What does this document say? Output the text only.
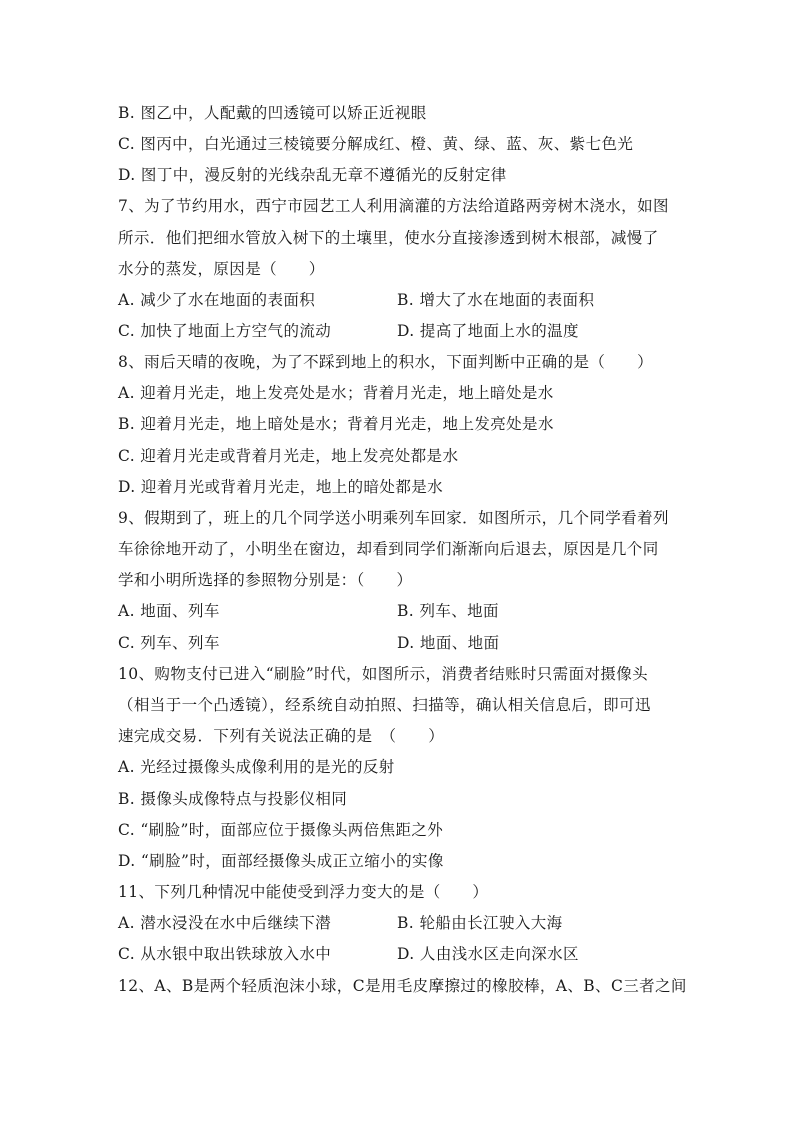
B. 图乙中，人配戴的凹透镜可以矫正近视眼
C. 图丙中，白光通过三棱镜要分解成红、橙、黄、绿、蓝、灰、紫七色光
D. 图丁中，漫反射的光线杂乱无章不遵循光的反射定律
7、为了节约用水，西宁市园艺工人利用滴灌的方法给道路两旁树木浇水，如图
所示．他们把细水管放入树下的土壤里，使水分直接渗透到树木根部，减慢了
水分的蒸发，原因是（　　）
A. 减少了水在地面的表面积	B. 增大了水在地面的表面积
C. 加快了地面上方空气的流动	D. 提高了地面上水的温度
8、雨后天晴的夜晚，为了不踩到地上的积水，下面判断中正确的是（　　）
A. 迎着月光走，地上发亮处是水；背着月光走，地上暗处是水
B. 迎着月光走，地上暗处是水；背着月光走，地上发亮处是水
C. 迎着月光走或背着月光走，地上发亮处都是水
D. 迎着月光或背着月光走，地上的暗处都是水
9、假期到了，班上的几个同学送小明乘列车回家．如图所示，几个同学看着列
车徐徐地开动了，小明坐在窗边，却看到同学们渐渐向后退去，原因是几个同
学和小明所选择的参照物分别是：（　　）
A. 地面、列车	B. 列车、地面
C. 列车、列车	D. 地面、地面
10、购物支付已进入“刷脸”时代，如图所示，消费者结账时只需面对摄像头
（相当于一个凸透镜），经系统自动拍照、扫描等，确认相关信息后，即可迅
速完成交易．下列有关说法正确的是　（　　）
A. 光经过摄像头成像利用的是光的反射
B. 摄像头成像特点与投影仪相同
C. “刷脸”时，面部应位于摄像头两倍焦距之外
D. “刷脸”时，面部经摄像头成正立缩小的实像
11、下列几种情况中能使受到浮力变大的是（　　）
A. 潜水浸没在水中后继续下潜	B. 轮船由长江驶入大海
C. 从水银中取出铁球放入水中	D. 人由浅水区走向深水区
12、A、B是两个轻质泡沫小球，C是用毛皮摩擦过的橡胶棒，A、B、C三者之间
